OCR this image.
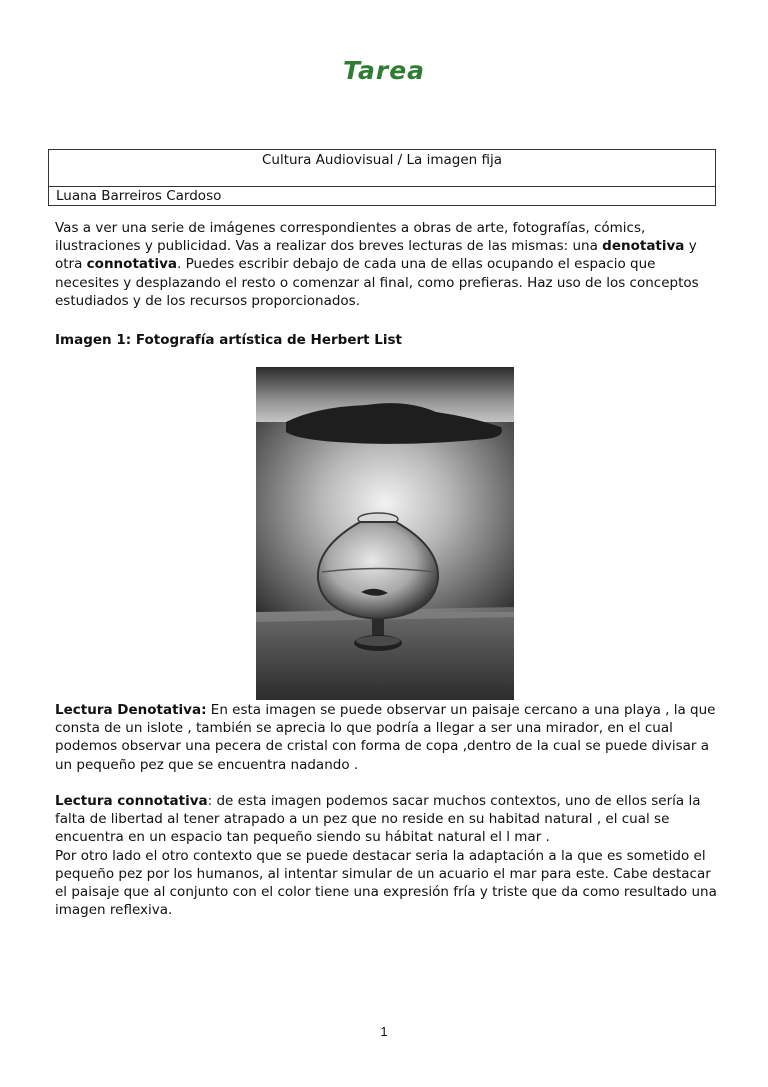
Tarea
Cultura Audiovisual / La imagen fija
Luana Barreiros Cardoso
Vas a ver una serie de imágenes correspondientes a obras de arte, fotografías, cómics, ilustraciones y publicidad. Vas a realizar dos breves lecturas de las mismas: una denotativa y otra connotativa. Puedes escribir debajo de cada una de ellas ocupando el espacio que necesites y desplazando el resto o comenzar al final, como prefieras. Haz uso de los conceptos estudiados y de los recursos proporcionados.
Imagen 1: Fotografía artística de Herbert List
Lectura Denotativa: En esta imagen se puede observar un paisaje cercano a una playa , la que consta de un islote , también se aprecia lo que podría a llegar a ser una mirador, en el cual podemos observar una pecera de cristal con forma de copa ,dentro de la cual se puede divisar a un pequeño pez que se encuentra nadando .
Lectura connotativa: de esta imagen podemos sacar muchos contextos, uno de ellos sería la falta de libertad al tener atrapado a un pez que no reside en su habitad natural , el cual se encuentra en un espacio tan pequeño siendo su hábitat natural el l mar .
Por otro lado el otro contexto que se puede destacar seria la adaptación a la que es sometido el pequeño pez por los humanos, al intentar simular de un acuario el mar para este. Cabe destacar el paisaje que al conjunto con el color tiene una expresión fría y triste que da como resultado una imagen reflexiva.
1
